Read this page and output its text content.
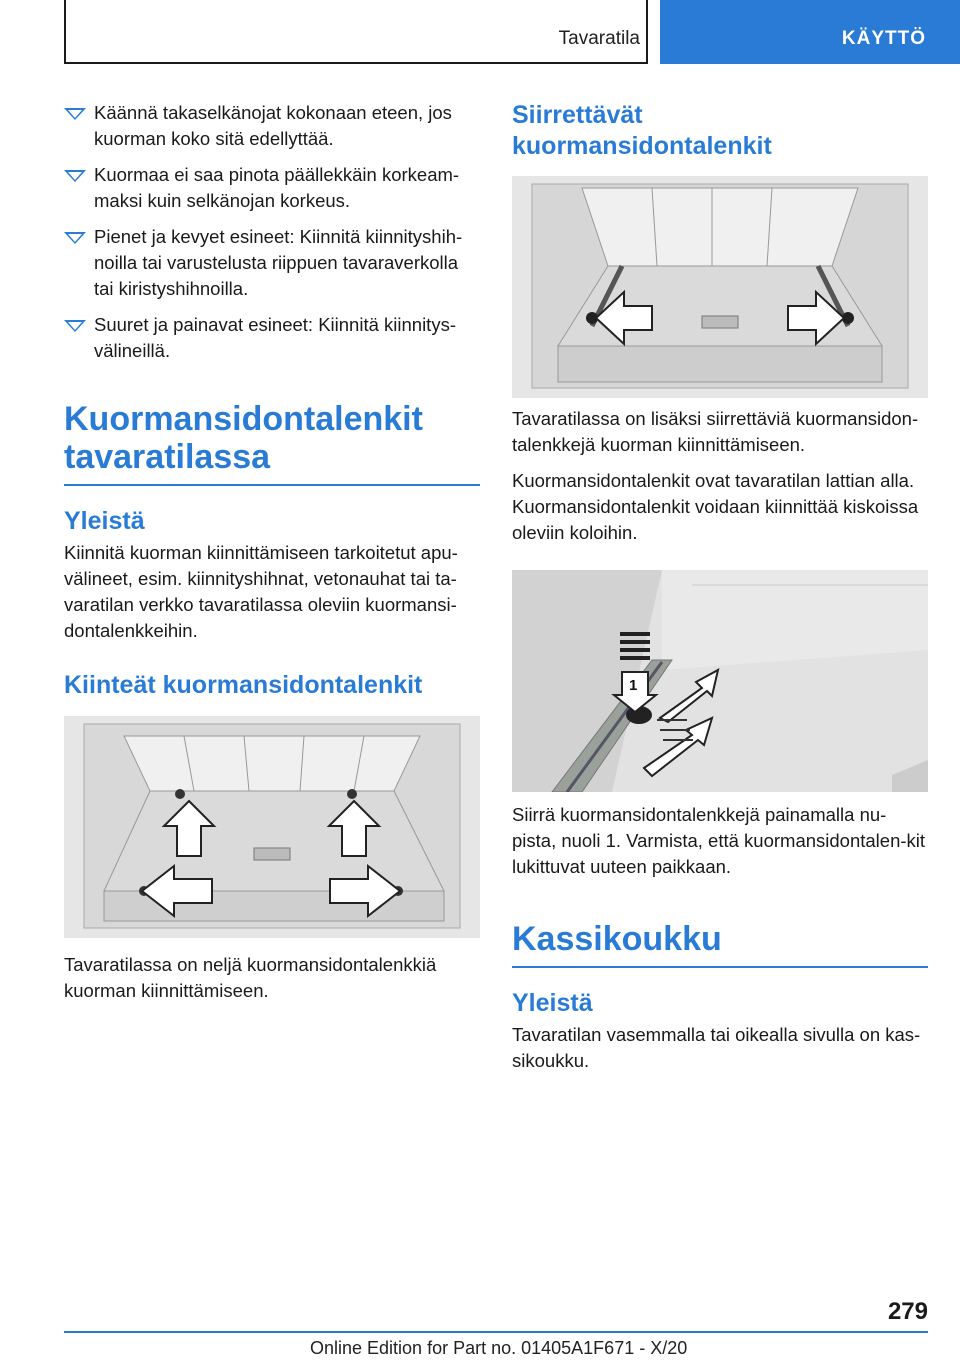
Tavaratila	KÄYTTÖ
Käännä takaselkänojat kokonaan eteen, jos kuorman koko sitä edellyttää.
Kuormaa ei saa pinota päällekkäin korkeam-maksi kuin selkänojan korkeus.
Pienet ja kevyet esineet: Kiinnitä kiinnityshih-noilla tai varustelusta riippuen tavaraverkolla tai kiristyshihnoilla.
Suuret ja painavat esineet: Kiinnitä kiinnitys-välineillä.
Kuormansidontalenkit tavaratilassa
Yleistä

Kiinnitä kuorman kiinnittämiseen tarkoitetut apu-välineet, esim. kiinnityshihnat, vetonauhat tai ta-varatilan verkko tavaratilassa oleviin kuormansi-dontalenkkeihin.

Kiinteät kuormansidontalenkit

Tavaratilassa on neljä kuormansidontalenkkiä kuorman kiinnittämiseen.

Siirrettävät kuormansidontalenkit

Tavaratilassa on lisäksi siirrettäviä kuormansidon-talenkkejä kuorman kiinnittämiseen.

Kuormansidontalenkit ovat tavaratilan lattian alla. Kuormansidontalenkit voidaan kiinnittää kiskoissa oleviin koloihin.

1

Siirrä kuormansidontalenkkejä painamalla nu-pista, nuoli 1. Varmista, että kuormansidontalen-kit lukittuvat uuteen paikkaan.

Kassikoukku
Yleistä

Tavaratilan vasemmalla tai oikealla sivulla on kas-sikoukku.

279
Online Edition for Part no. 01405A1F671 - X/20
